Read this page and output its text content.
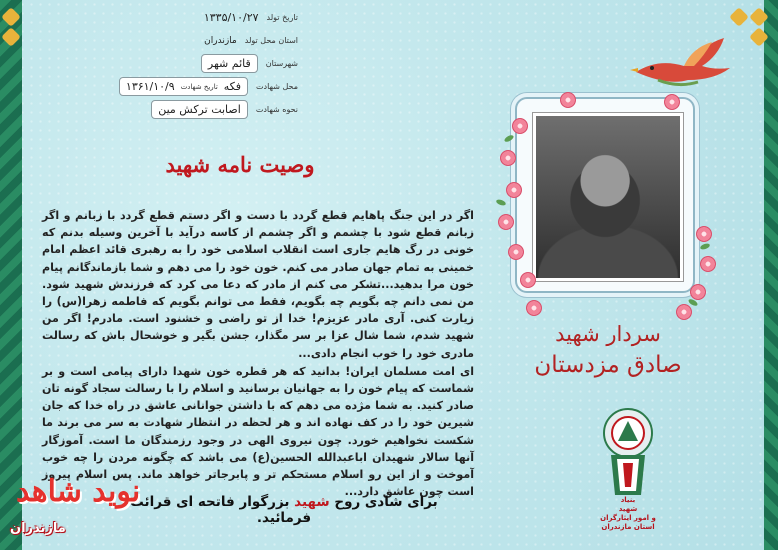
تاریخ تولد
۱۳۳۵/۱۰/۲۷
استان محل تولد
مازندران
شهرستان
قائم شهر
محل شهادت
فکه
تاریخ شهادت
۱۳۶۱/۱۰/۹
نحوه شهادت
اصابت ترکش مین
وصیت نامه شهید

اگر در این جنگ پاهایم قطع گردد با دست و اگر دستم قطع گردد با زبانم و اگر زبانم قطع شود با چشمم و اگر چشمم از کاسه درآید با آخرین وسیله بدنم که خونی در رگ هایم جاری است انقلاب اسلامی خود را به رهبری قائد اعظم امام خمینی به تمام جهان صادر می کنم. خون خود را می دهم و شما بازماندگانم پیام خون مرا بدهید...تشکر می کنم از مادر که دعا می کرد که فرزندش شهید شود. من نمی دانم چه بگویم چه بگویم، فقط می توانم بگویم که فاطمه زهرا(س) را زیارت کنی. آری مادر عزیزم! خدا از تو راضی و خشنود است. مادرم! اگر من شهید شدم، شما شال عزا بر سر مگذار، جشن بگیر و خوشحال باش که رسالت مادری خود را خوب انجام دادی...

ای امت مسلمان ایران! بدانید که هر قطره خون شهدا دارای پیامی است و بر شماست که پیام خون را به جهانیان برسانید و اسلام را با رسالت سجاد گونه تان صادر کنید. به شما مژده می دهم که با داشتن جوانانی عاشق در راه خدا که جان شیرین خود را در کف نهاده اند و هر لحظه در انتظار شهادت به سر می برند ما شکست نخواهیم خورد. چون نیروی الهی در وجود رزمندگان ما است. آموزگار آنها سالار شهیدان اباعبدالله الحسین(ع) می باشد که چگونه مردن را چه خوب آموخت و از این رو اسلام مستحکم تر و پابرجاتر خواهد ماند. پس اسلام پیروز است چون عاشق دارد...

برای شادی روح شهید بزرگوار فاتحه ای قرائت فرمائید.
سردار شهید
صادق مزدستان
بنیاد
شهید
و امور ایثارگران
استان مازندران
نوید شاهد
مازندران
